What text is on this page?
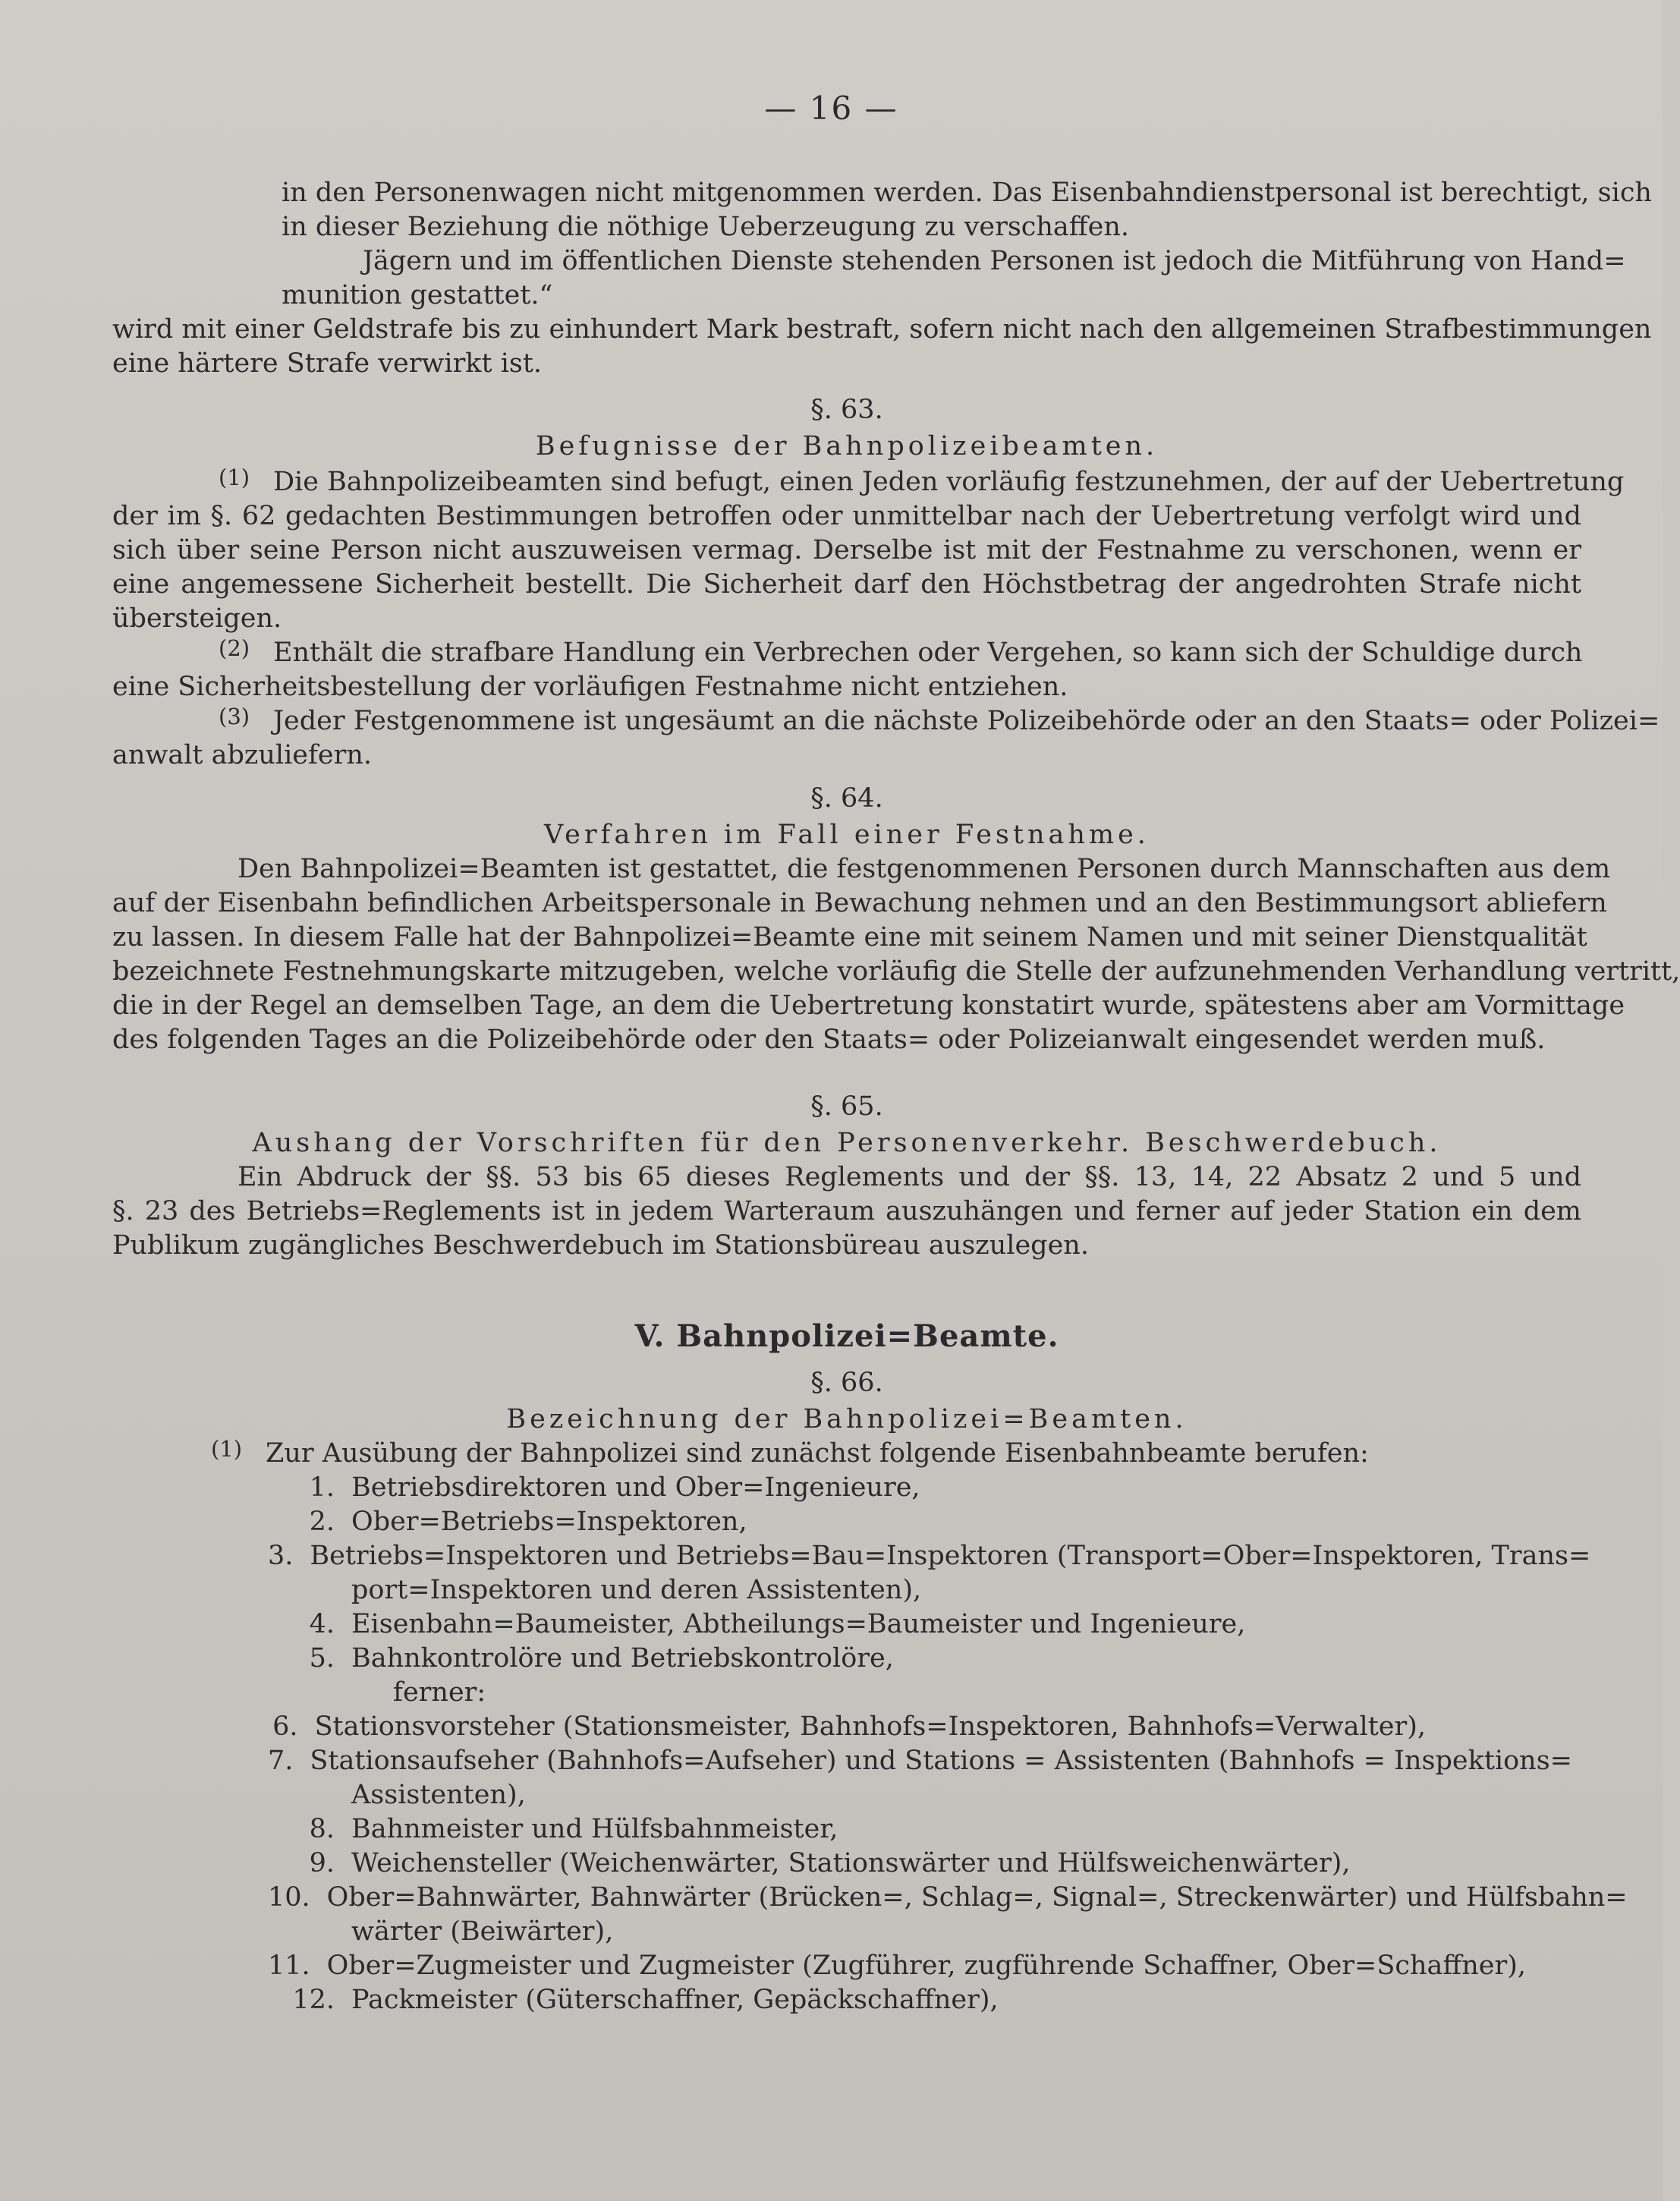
— 16 —
in den Personenwagen nicht mitgenommen werden. Das Eisenbahndienstpersonal ist berechtigt, sich
in dieser Beziehung die nöthige Ueberzeugung zu verschaffen.
Jägern und im öffentlichen Dienste stehenden Personen ist jedoch die Mitführung von Hand=
munition gestattet.“
wird mit einer Geldstrafe bis zu einhundert Mark bestraft, sofern nicht nach den allgemeinen Strafbestimmungen
eine härtere Strafe verwirkt ist.
§. 63.
Befugnisse der Bahnpolizeibeamten.
(1) Die Bahnpolizeibeamten sind befugt, einen Jeden vorläufig festzunehmen, der auf der Uebertretung
der im §. 62 gedachten Bestimmungen betroffen oder unmittelbar nach der Uebertretung verfolgt wird und
sich über seine Person nicht auszuweisen vermag. Derselbe ist mit der Festnahme zu verschonen, wenn er
eine angemessene Sicherheit bestellt. Die Sicherheit darf den Höchstbetrag der angedrohten Strafe nicht
übersteigen.
(2) Enthält die strafbare Handlung ein Verbrechen oder Vergehen, so kann sich der Schuldige durch
eine Sicherheitsbestellung der vorläufigen Festnahme nicht entziehen.
(3) Jeder Festgenommene ist ungesäumt an die nächste Polizeibehörde oder an den Staats= oder Polizei=
anwalt abzuliefern.
§. 64.
Verfahren im Fall einer Festnahme.
Den Bahnpolizei=Beamten ist gestattet, die festgenommenen Personen durch Mannschaften aus dem
auf der Eisenbahn befindlichen Arbeitspersonale in Bewachung nehmen und an den Bestimmungsort abliefern
zu lassen. In diesem Falle hat der Bahnpolizei=Beamte eine mit seinem Namen und mit seiner Dienstqualität
bezeichnete Festnehmungskarte mitzugeben, welche vorläufig die Stelle der aufzunehmenden Verhandlung vertritt,
die in der Regel an demselben Tage, an dem die Uebertretung konstatirt wurde, spätestens aber am Vormittage
des folgenden Tages an die Polizeibehörde oder den Staats= oder Polizeianwalt eingesendet werden muß.
§. 65.
Aushang der Vorschriften für den Personenverkehr. Beschwerdebuch.
Ein Abdruck der §§. 53 bis 65 dieses Reglements und der §§. 13, 14, 22 Absatz 2 und 5 und
§. 23 des Betriebs=Reglements ist in jedem Warteraum auszuhängen und ferner auf jeder Station ein dem
Publikum zugängliches Beschwerdebuch im Stationsbüreau auszulegen.
V. Bahnpolizei=Beamte.
§. 66.
Bezeichnung der Bahnpolizei=Beamten.
(1) Zur Ausübung der Bahnpolizei sind zunächst folgende Eisenbahnbeamte berufen:
1. Betriebsdirektoren und Ober=Ingenieure,
2. Ober=Betriebs=Inspektoren,
3. Betriebs=Inspektoren und Betriebs=Bau=Inspektoren (Transport=Ober=Inspektoren, Trans=
port=Inspektoren und deren Assistenten),
4. Eisenbahn=Baumeister, Abtheilungs=Baumeister und Ingenieure,
5. Bahnkontrolöre und Betriebskontrolöre,
ferner:
6. Stationsvorsteher (Stationsmeister, Bahnhofs=Inspektoren, Bahnhofs=Verwalter),
7. Stationsaufseher (Bahnhofs=Aufseher) und Stations = Assistenten (Bahnhofs = Inspektions=
Assistenten),
8. Bahnmeister und Hülfsbahnmeister,
9. Weichensteller (Weichenwärter, Stationswärter und Hülfsweichenwärter),
10. Ober=Bahnwärter, Bahnwärter (Brücken=, Schlag=, Signal=, Streckenwärter) und Hülfsbahn=
wärter (Beiwärter),
11. Ober=Zugmeister und Zugmeister (Zugführer, zugführende Schaffner, Ober=Schaffner),
12. Packmeister (Güterschaffner, Gepäckschaffner),
